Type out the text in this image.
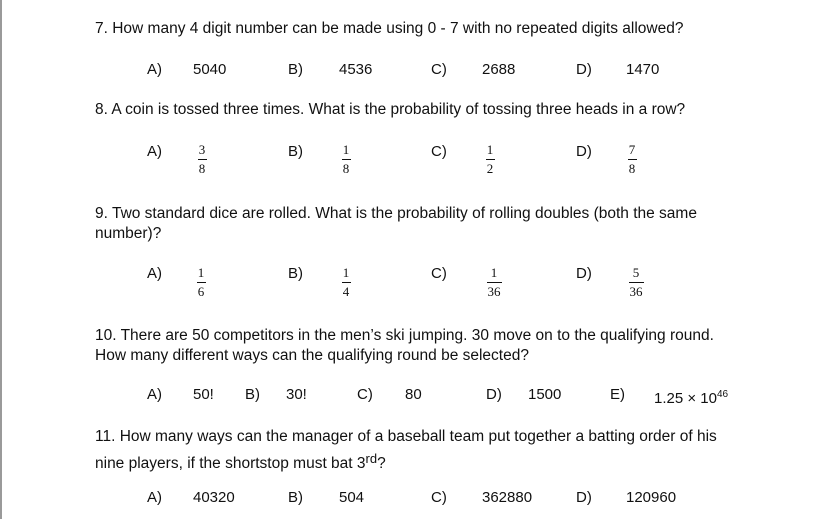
7. How many 4 digit number can be made using 0 - 7 with no repeated digits allowed?
A) 5040	B) 4536	C) 2688	D) 1470
8. A coin is tossed three times. What is the probability of tossing three heads in a row?
A)	3
8
B)	1
8
C)	1
2
D)	7
8
9. Two standard dice are rolled. What is the probability of rolling doubles (both the same
number)?
A)	1
6
B)	1
4
C)	1
36
D)	5
36
10. There are 50 competitors in the men’s ski jumping. 30 move on to the qualifying round.
How many different ways can the qualifying round be selected?
A) 50! B) 30!	C) 80	D) 1500	E) $1.25 \times 10^{46}$
11. How many ways can the manager of a baseball team put together a batting order of his
nine players, if the shortstop must bat 3rd?
A) 40320	B) 504	C) 362880	D) 120960
